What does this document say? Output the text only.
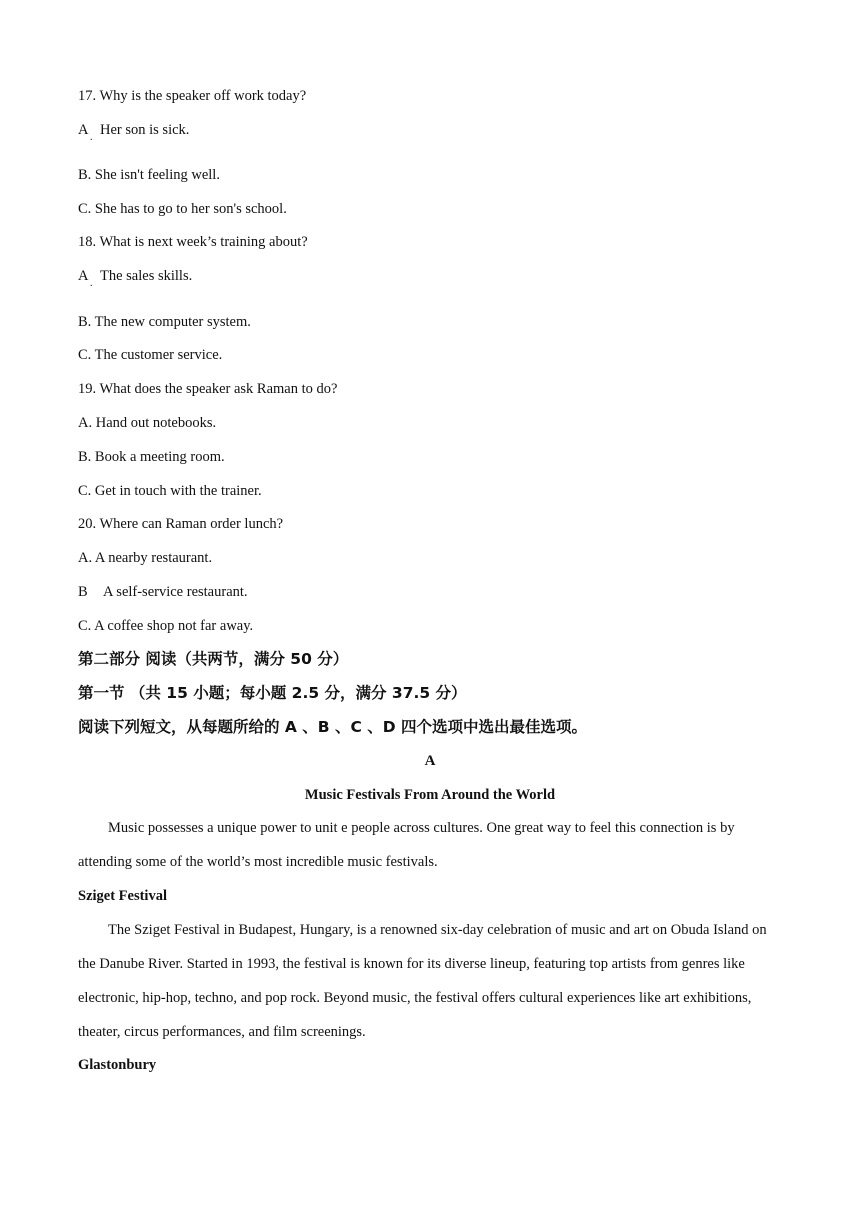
17. Why is the speaker off work today?
A . Her son is sick.
B. She isn't feeling well.
C. She has to go to her son's school.
18. What is next week’s training about?
A . The sales skills.
B. The new computer system.
C. The customer service.
19. What does the speaker ask Raman to do?
A. Hand out notebooks.
B. Book a meeting room.
C. Get in touch with the trainer.
20. Where can Raman order lunch?
A. A nearby restaurant.
B A self-service restaurant.
C. A coffee shop not far away.
第二部分 阅读（共两节，满分 50 分）
第一节 （共 15 小题；每小题 2.5 分，满分 37.5 分）
阅读下列短文，从每题所给的 A 、B 、C 、D 四个选项中选出最佳选项。
A
Music Festivals From Around the World

Music possesses a unique power to unit e people across cultures. One great way to feel this connection is by attending some of the world’s most incredible music festivals.

Sziget Festival

The Sziget Festival in Budapest, Hungary, is a renowned six-day celebration of music and art on Obuda Island on the Danube River. Started in 1993, the festival is known for its diverse lineup, featuring top artists from genres like electronic, hip-hop, techno, and pop rock. Beyond music, the festival offers cultural experiences like art exhibitions, theater, circus performances, and film screenings.

Glastonbury
